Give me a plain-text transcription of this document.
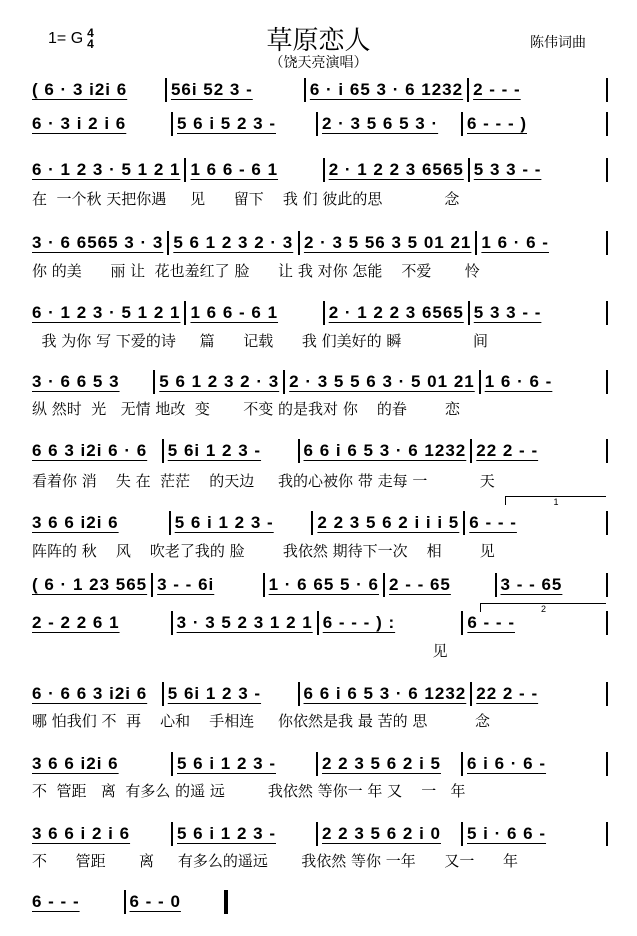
1= G 4
4	草原恋人
（饶天亮演唱）
陈伟词曲
1
2
( 6 · 3 i2i 6	56i 52 3 -	6 · i 65 3 · 6 1232 2 - - -
6 · 3 i 2 i 6	5 6 i 5 2 3 -	2 · 3 5 6 5 3 ·	6 - - - )
6 · 1 2 3 · 5 1 2 1 1 6 6 - 6 1	2 · 1 2 2 3 6565 5 3 3 - -
在  一个秋 天把你遇     见      留下    我 们 彼此的思             念
3 · 6 6565 3 · 3 5 6 1 2 3 2 · 3 2 · 3 5 56 3 5 01 21 1 6 · 6 -
你 的美      丽 让  花也羞红了 脸      让 我 对你 怎能    不爱       怜
6 · 1 2 3 · 5 1 2 1 1 6 6 - 6 1	2 · 1 2 2 3 6565 5 3 3 - -
我 为你 写 下爱的诗     篇      记载      我 们美好的 瞬               间
3 · 6 6 5 3	5 6 1 2 3 2 · 3 2 · 3 5 5 6 3 · 5 01 21 1 6 · 6 -
纵 然时  光   无情 地改  变       不变 的是我对 你    的眷        恋
6 6 3 i2i 6 · 6	5 6i 1 2 3 -	6 6 i 6 5 3 · 6 1232 22 2 - -
看着你 消    失 在  茫茫    的天边     我的心被你 带 走每 一           天
3 6 6 i2i 6	5 6 i 1 2 3 -	2 2 3 5 6 2 i i i 5 6 - - -
阵阵的 秋    风    吹老了我的 脸        我依然 期待下一次    相        见
( 6 · 1 23 565 3 - - 6i	1 · 6 65 5 · 6 2 - - 65	3 - - 65
2 - 2 2 6 1	3 · 3 5 2 3 1 2 1 6 - - - ) :	6 - - -
见
6 · 6 6 3 i2i 6	5 6i 1 2 3 -	6 6 i 6 5 3 · 6 1232 22 2 - -
哪 怕我们 不  再    心和    手相连     你依然是我 最 苦的 思          念
3 6 6 i2i 6	5 6 i 1 2 3 -	2 2 3 5 6 2 i 5	6 i 6 · 6 -
不  管距   离  有多么 的遥 远         我依然 等你一 年 又    一   年
3 6 6 i 2 i 6	5 6 i 1 2 3 -	2 2 3 5 6 2 i 0	5 i · 6 6 -
不      管距       离     有多么的遥远       我依然 等你 一年      又一      年
6 - - -	6 - - 0
